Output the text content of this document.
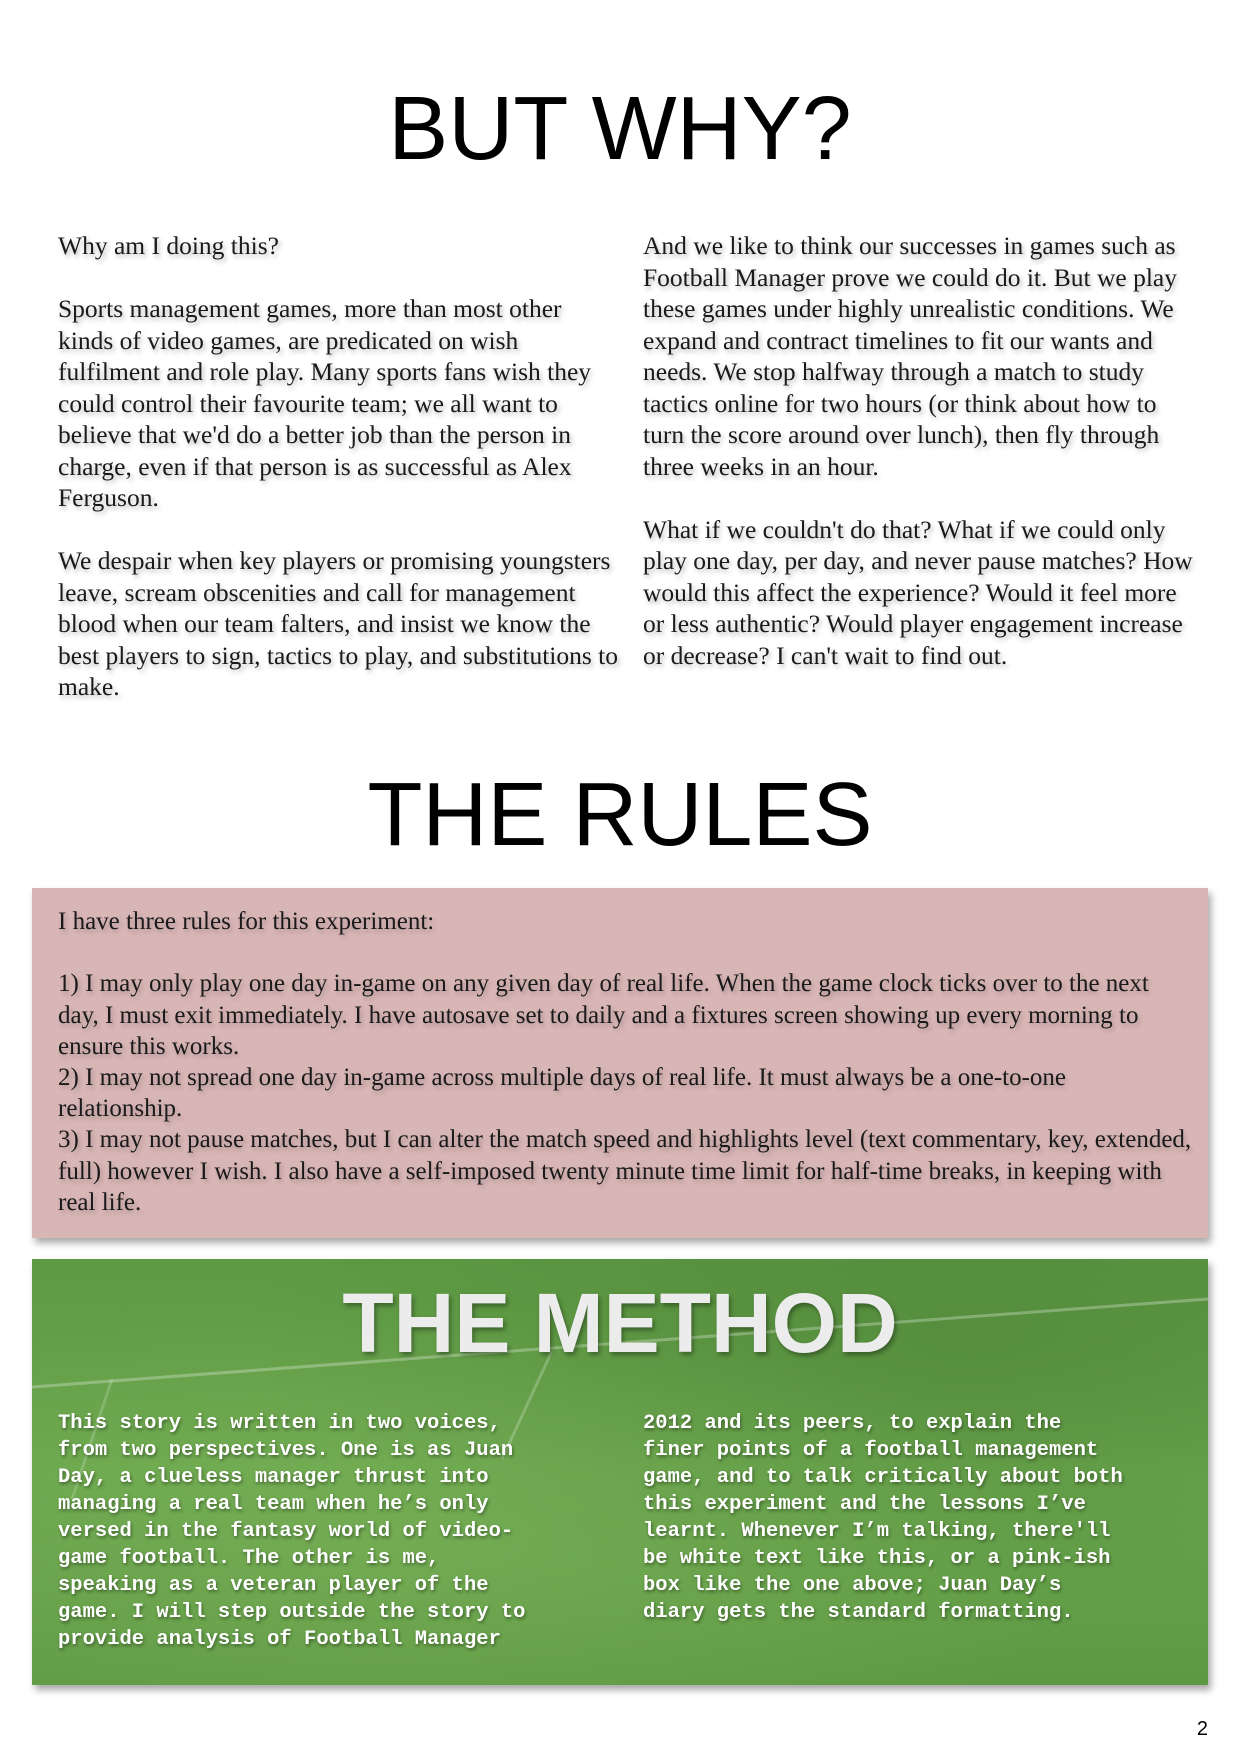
BUT WHY?

Why am I doing this?

Sports management games, more than most other kinds of video games, are predicated on wish fulfilment and role play. Many sports fans wish they could control their favourite team; we all want to believe that we'd do a better job than the person in charge, even if that person is as successful as Alex Ferguson.

We despair when key players or promising youngsters leave, scream obscenities and call for management blood when our team falters, and insist we know the best players to sign, tactics to play, and substitutions to make.

And we like to think our successes in games such as Football Manager prove we could do it. But we play these games under highly unrealistic conditions. We expand and contract timelines to fit our wants and needs. We stop halfway through a match to study tactics online for two hours (or think about how to turn the score around over lunch), then fly through three weeks in an hour.

What if we couldn't do that? What if we could only play one day, per day, and never pause matches? How would this affect the experience? Would it feel more or less authentic? Would player engagement increase or decrease? I can't wait to find out.

THE RULES

I have three rules for this experiment:

1) I may only play one day in-game on any given day of real life. When the game clock ticks over to the next day, I must exit immediately. I have autosave set to daily and a fixtures screen showing up every morning to ensure this works.

2) I may not spread one day in-game across multiple days of real life. It must always be a one-to-one relationship.

3) I may not pause matches, but I can alter the match speed and highlights level (text commentary, key, extended, full) however I wish. I also have a self-imposed twenty minute time limit for half-time breaks, in keeping with real life.

THE METHOD
This story is written in two voices,
from two perspectives. One is as Juan
Day, a clueless manager thrust into
managing a real team when he’s only
versed in the fantasy world of video-
game football. The other is me,
speaking as a veteran player of the
game. I will step outside the story to
provide analysis of Football Manager
2012 and its peers, to explain the
finer points of a football management
game, and to talk critically about both
this experiment and the lessons I’ve
learnt. Whenever I’m talking, there'll
be white text like this, or a pink-ish
box like the one above; Juan Day’s
diary gets the standard formatting.
2
